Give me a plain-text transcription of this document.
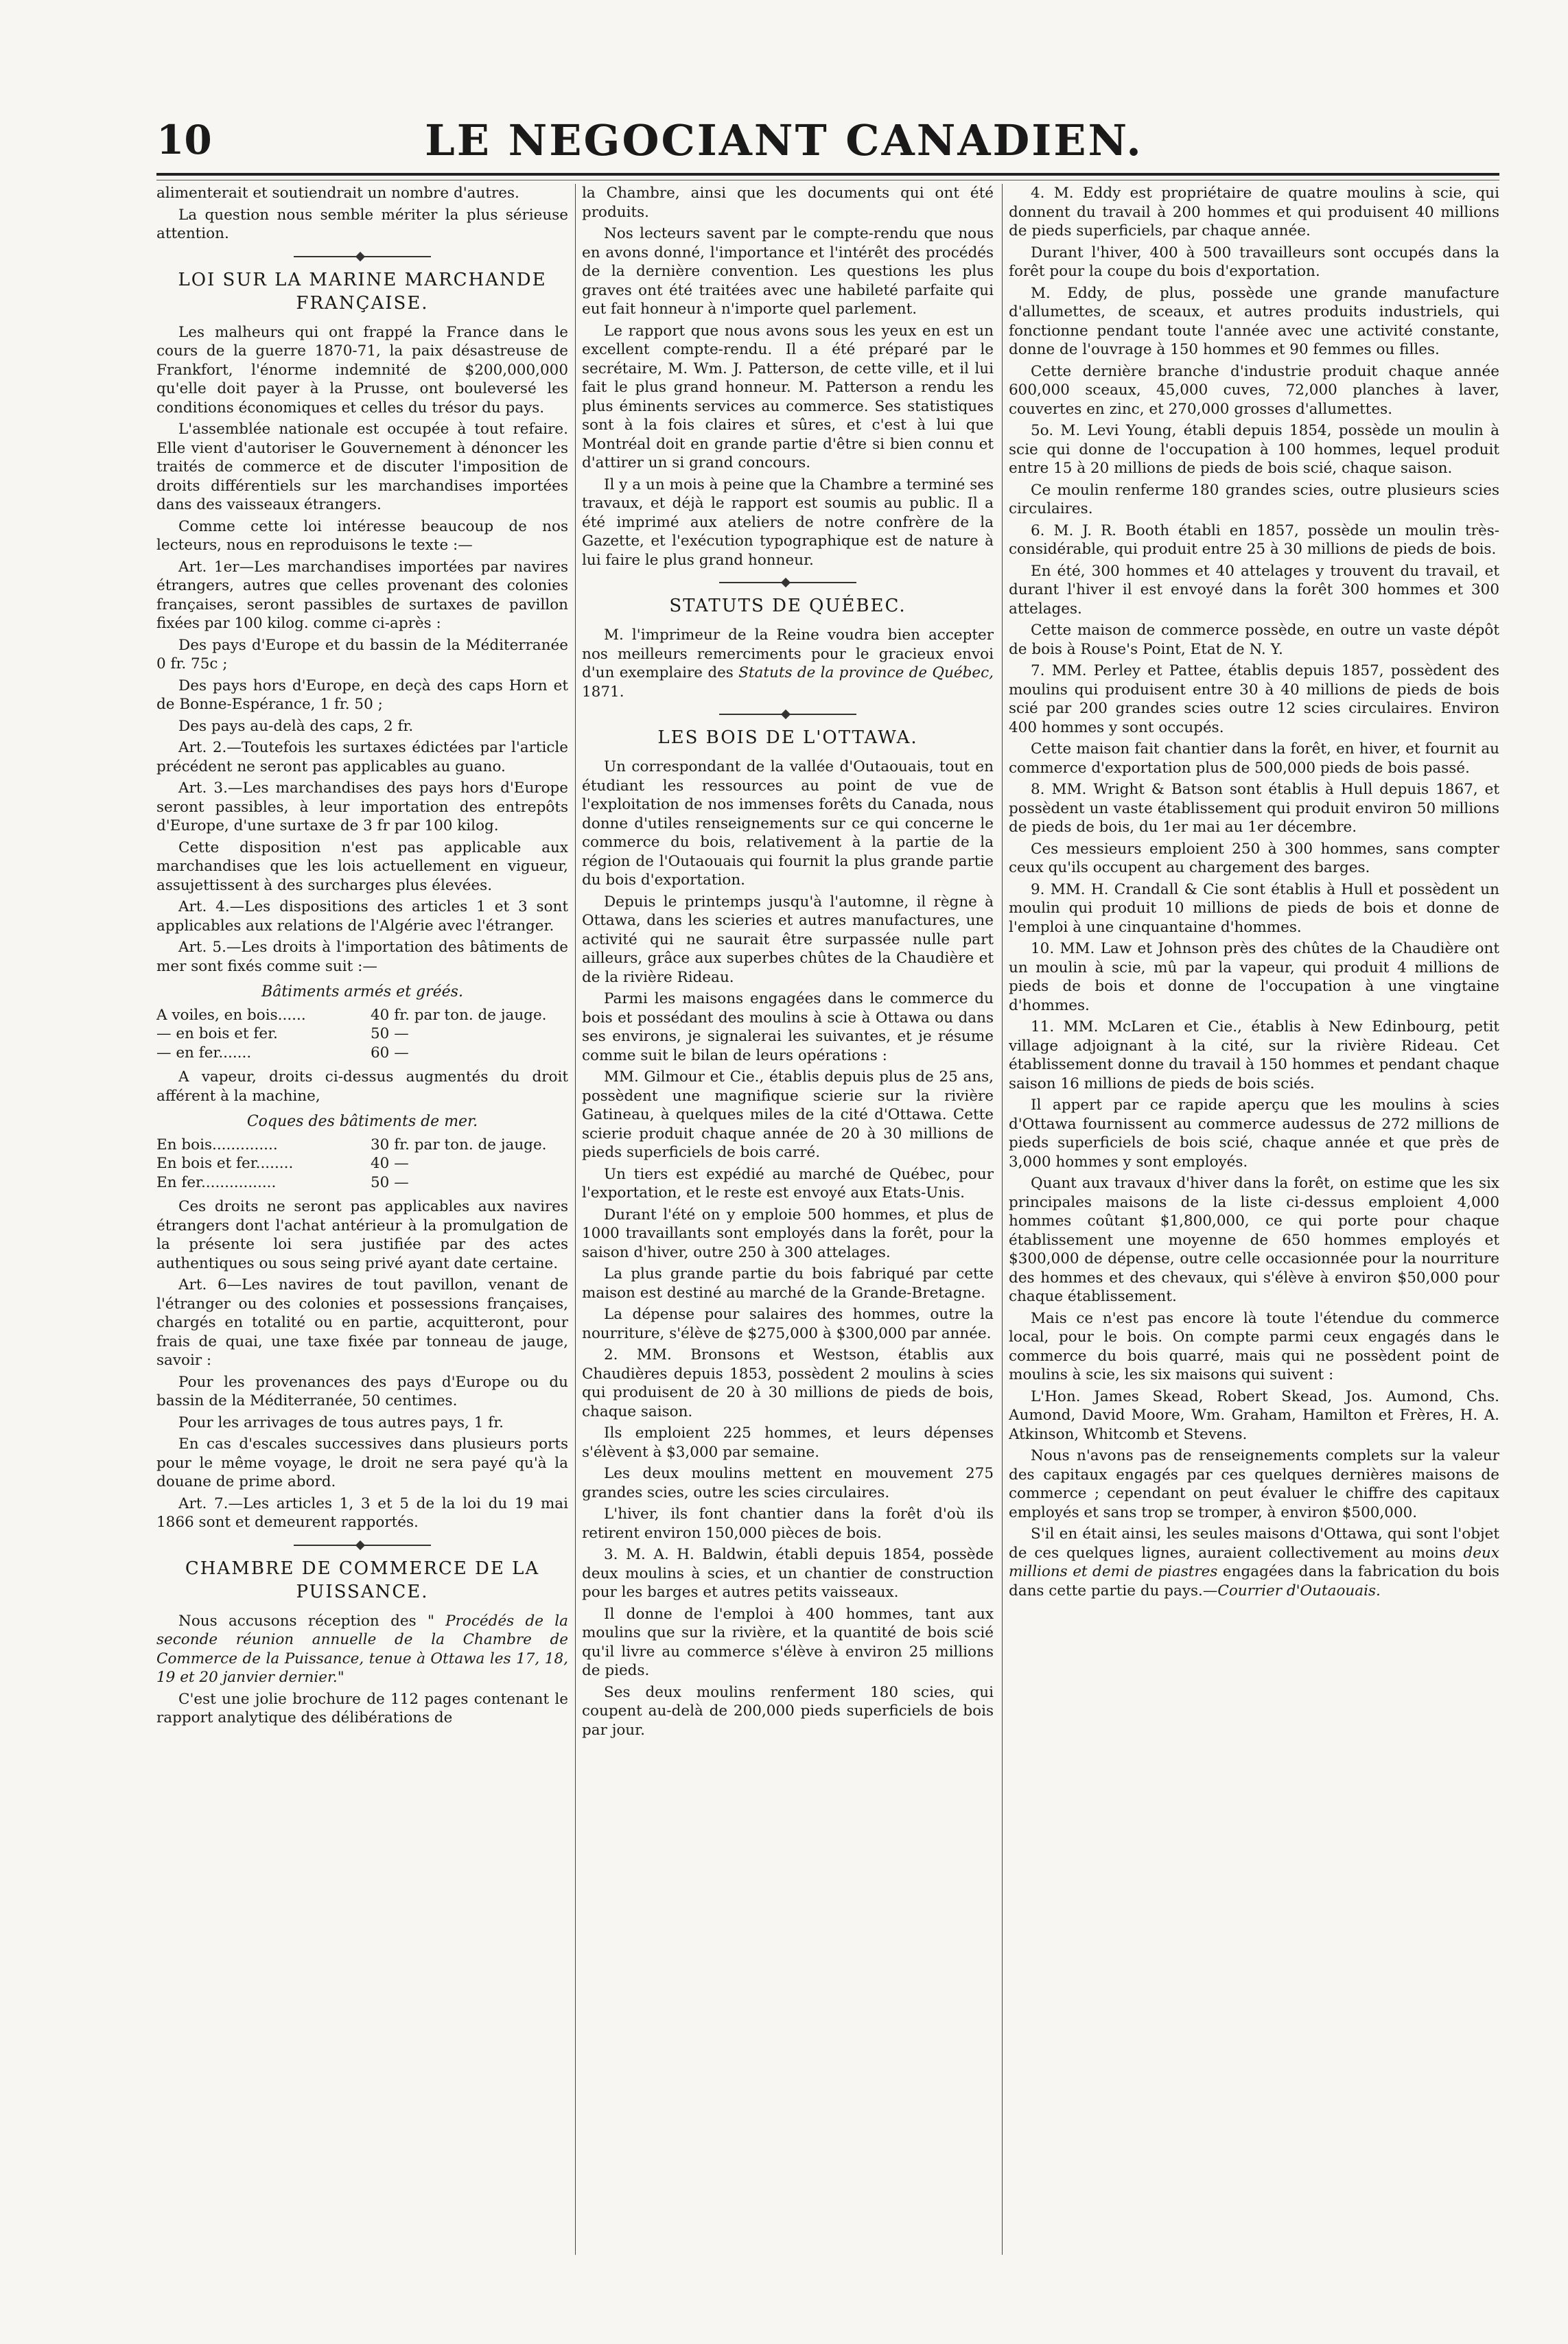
10	LE NEGOCIANT CANADIEN.

alimenterait et soutiendrait un nombre d'autres.

La question nous semble mériter la plus sérieuse attention.

LOI SUR LA MARINE MARCHANDE FRANÇAISE.

Les malheurs qui ont frappé la France dans le cours de la guerre 1870-71, la paix désastreuse de Frankfort, l'énorme indemnité de $200,000,000 qu'elle doit payer à la Prusse, ont bouleversé les conditions économiques et celles du trésor du pays.

L'assemblée nationale est occupée à tout refaire. Elle vient d'autoriser le Gouvernement à dénoncer les traités de commerce et de discuter l'imposition de droits différentiels sur les marchandises importées dans des vaisseaux étrangers.

Comme cette loi intéresse beaucoup de nos lecteurs, nous en reproduisons le texte :—

Art. 1er—Les marchandises importées par navires étrangers, autres que celles provenant des colonies françaises, seront passibles de surtaxes de pavillon fixées par 100 kilog. comme ci-après :

Des pays d'Europe et du bassin de la Méditerranée 0 fr. 75c ;

Des pays hors d'Europe, en deçà des caps Horn et de Bonne-Espérance, 1 fr. 50 ;

Des pays au-delà des caps, 2 fr.

Art. 2.—Toutefois les surtaxes édictées par l'article précédent ne seront pas applicables au guano.

Art. 3.—Les marchandises des pays hors d'Europe seront passibles, à leur importation des entrepôts d'Europe, d'une surtaxe de 3 fr par 100 kilog.

Cette disposition n'est pas applicable aux marchandises que les lois actuellement en vigueur, assujettissent à des surcharges plus élevées.

Art. 4.—Les dispositions des articles 1 et 3 sont applicables aux relations de l'Algérie avec l'étranger.

Art. 5.—Les droits à l'importation des bâtiments de mer sont fixés comme suit :—

Bâtiments armés et gréés.
A voiles, en bois......	40 fr. par ton. de jauge.
— en bois et fer.	50 —
— en fer.......	60 —

A vapeur, droits ci-dessus augmentés du droit afférent à la machine,

Coques des bâtiments de mer.
En bois..............	30 fr. par ton. de jauge.
En bois et fer........	40 —
En fer................	50 —

Ces droits ne seront pas applicables aux navires étrangers dont l'achat antérieur à la promulgation de la présente loi sera justifiée par des actes authentiques ou sous seing privé ayant date certaine.

Art. 6—Les navires de tout pavillon, venant de l'étranger ou des colonies et possessions françaises, chargés en totalité ou en partie, acquitteront, pour frais de quai, une taxe fixée par tonneau de jauge, savoir :

Pour les provenances des pays d'Europe ou du bassin de la Méditerranée, 50 centimes.

Pour les arrivages de tous autres pays, 1 fr.

En cas d'escales successives dans plusieurs ports pour le même voyage, le droit ne sera payé qu'à la douane de prime abord.

Art. 7.—Les articles 1, 3 et 5 de la loi du 19 mai 1866 sont et demeurent rapportés.

CHAMBRE DE COMMERCE DE LA PUISSANCE.

Nous accusons réception des " Procédés de la seconde réunion annuelle de la Chambre de Commerce de la Puissance, tenue à Ottawa les 17, 18, 19 et 20 janvier dernier."

C'est une jolie brochure de 112 pages contenant le rapport analytique des délibérations de

la Chambre, ainsi que les documents qui ont été produits.

Nos lecteurs savent par le compte-rendu que nous en avons donné, l'importance et l'intérêt des procédés de la dernière convention. Les questions les plus graves ont été traitées avec une habileté parfaite qui eut fait honneur à n'importe quel parlement.

Le rapport que nous avons sous les yeux en est un excellent compte-rendu. Il a été préparé par le secrétaire, M. Wm. J. Patterson, de cette ville, et il lui fait le plus grand honneur. M. Patterson a rendu les plus éminents services au commerce. Ses statistiques sont à la fois claires et sûres, et c'est à lui que Montréal doit en grande partie d'être si bien connu et d'attirer un si grand concours.

Il y a un mois à peine que la Chambre a terminé ses travaux, et déjà le rapport est soumis au public. Il a été imprimé aux ateliers de notre confrère de la Gazette, et l'exécution typographique est de nature à lui faire le plus grand honneur.

STATUTS DE QUÉBEC.

M. l'imprimeur de la Reine voudra bien accepter nos meilleurs remerciments pour le gracieux envoi d'un exemplaire des Statuts de la province de Québec, 1871.

LES BOIS DE L'OTTAWA.

Un correspondant de la vallée d'Outaouais, tout en étudiant les ressources au point de vue de l'exploitation de nos immenses forêts du Canada, nous donne d'utiles renseignements sur ce qui concerne le commerce du bois, relativement à la partie de la région de l'Outaouais qui fournit la plus grande partie du bois d'exportation.

Depuis le printemps jusqu'à l'automne, il règne à Ottawa, dans les scieries et autres manufactures, une activité qui ne saurait être surpassée nulle part ailleurs, grâce aux superbes chûtes de la Chaudière et de la rivière Rideau.

Parmi les maisons engagées dans le commerce du bois et possédant des moulins à scie à Ottawa ou dans ses environs, je signalerai les suivantes, et je résume comme suit le bilan de leurs opérations :

MM. Gilmour et Cie., établis depuis plus de 25 ans, possèdent une magnifique scierie sur la rivière Gatineau, à quelques miles de la cité d'Ottawa. Cette scierie produit chaque année de 20 à 30 millions de pieds superficiels de bois carré.

Un tiers est expédié au marché de Québec, pour l'exportation, et le reste est envoyé aux Etats-Unis.

Durant l'été on y emploie 500 hommes, et plus de 1000 travaillants sont employés dans la forêt, pour la saison d'hiver, outre 250 à 300 attelages.

La plus grande partie du bois fabriqué par cette maison est destiné au marché de la Grande-Bretagne.

La dépense pour salaires des hommes, outre la nourriture, s'élève de $275,000 à $300,000 par année.

2. MM. Bronsons et Westson, établis aux Chaudières depuis 1853, possèdent 2 moulins à scies qui produisent de 20 à 30 millions de pieds de bois, chaque saison.

Ils emploient 225 hommes, et leurs dépenses s'élèvent à $3,000 par semaine.

Les deux moulins mettent en mouvement 275 grandes scies, outre les scies circulaires.

L'hiver, ils font chantier dans la forêt d'où ils retirent environ 150,000 pièces de bois.

3. M. A. H. Baldwin, établi depuis 1854, possède deux moulins à scies, et un chantier de construction pour les barges et autres petits vaisseaux.

Il donne de l'emploi à 400 hommes, tant aux moulins que sur la rivière, et la quantité de bois scié qu'il livre au commerce s'élève à environ 25 millions de pieds.

Ses deux moulins renferment 180 scies, qui coupent au-delà de 200,000 pieds superficiels de bois par jour.

4. M. Eddy est propriétaire de quatre moulins à scie, qui donnent du travail à 200 hommes et qui produisent 40 millions de pieds superficiels, par chaque année.

Durant l'hiver, 400 à 500 travailleurs sont occupés dans la forêt pour la coupe du bois d'exportation.

M. Eddy, de plus, possède une grande manufacture d'allumettes, de sceaux, et autres produits industriels, qui fonctionne pendant toute l'année avec une activité constante, donne de l'ouvrage à 150 hommes et 90 femmes ou filles.

Cette dernière branche d'industrie produit chaque année 600,000 sceaux, 45,000 cuves, 72,000 planches à laver, couvertes en zinc, et 270,000 grosses d'allumettes.

5o. M. Levi Young, établi depuis 1854, possède un moulin à scie qui donne de l'occupation à 100 hommes, lequel produit entre 15 à 20 millions de pieds de bois scié, chaque saison.

Ce moulin renferme 180 grandes scies, outre plusieurs scies circulaires.

6. M. J. R. Booth établi en 1857, possède un moulin très-considérable, qui produit entre 25 à 30 millions de pieds de bois.

En été, 300 hommes et 40 attelages y trouvent du travail, et durant l'hiver il est envoyé dans la forêt 300 hommes et 300 attelages.

Cette maison de commerce possède, en outre un vaste dépôt de bois à Rouse's Point, Etat de N. Y.

7. MM. Perley et Pattee, établis depuis 1857, possèdent des moulins qui produisent entre 30 à 40 millions de pieds de bois scié par 200 grandes scies outre 12 scies circulaires. Environ 400 hommes y sont occupés.

Cette maison fait chantier dans la forêt, en hiver, et fournit au commerce d'exportation plus de 500,000 pieds de bois passé.

8. MM. Wright & Batson sont établis à Hull depuis 1867, et possèdent un vaste établissement qui produit environ 50 millions de pieds de bois, du 1er mai au 1er décembre.

Ces messieurs emploient 250 à 300 hommes, sans compter ceux qu'ils occupent au chargement des barges.

9. MM. H. Crandall & Cie sont établis à Hull et possèdent un moulin qui produit 10 millions de pieds de bois et donne de l'emploi à une cinquantaine d'hommes.

10. MM. Law et Johnson près des chûtes de la Chaudière ont un moulin à scie, mû par la vapeur, qui produit 4 millions de pieds de bois et donne de l'occupation à une vingtaine d'hommes.

11. MM. McLaren et Cie., établis à New Edinbourg, petit village adjoignant à la cité, sur la rivière Rideau. Cet établissement donne du travail à 150 hommes et pendant chaque saison 16 millions de pieds de bois sciés.

Il appert par ce rapide aperçu que les moulins à scies d'Ottawa fournissent au commerce audessus de 272 millions de pieds superficiels de bois scié, chaque année et que près de 3,000 hommes y sont employés.

Quant aux travaux d'hiver dans la forêt, on estime que les six principales maisons de la liste ci-dessus emploient 4,000 hommes coûtant $1,800,000, ce qui porte pour chaque établissement une moyenne de 650 hommes employés et $300,000 de dépense, outre celle occasionnée pour la nourriture des hommes et des chevaux, qui s'élève à environ $50,000 pour chaque établissement.

Mais ce n'est pas encore là toute l'étendue du commerce local, pour le bois. On compte parmi ceux engagés dans le commerce du bois quarré, mais qui ne possèdent point de moulins à scie, les six maisons qui suivent :

L'Hon. James Skead, Robert Skead, Jos. Aumond, Chs. Aumond, David Moore, Wm. Graham, Hamilton et Frères, H. A. Atkinson, Whitcomb et Stevens.

Nous n'avons pas de renseignements complets sur la valeur des capitaux engagés par ces quelques dernières maisons de commerce ; cependant on peut évaluer le chiffre des capitaux employés et sans trop se tromper, à environ $500,000.

S'il en était ainsi, les seules maisons d'Ottawa, qui sont l'objet de ces quelques lignes, auraient collectivement au moins deux millions et demi de piastres engagées dans la fabrication du bois dans cette partie du pays.—Courrier d'Outaouais.
